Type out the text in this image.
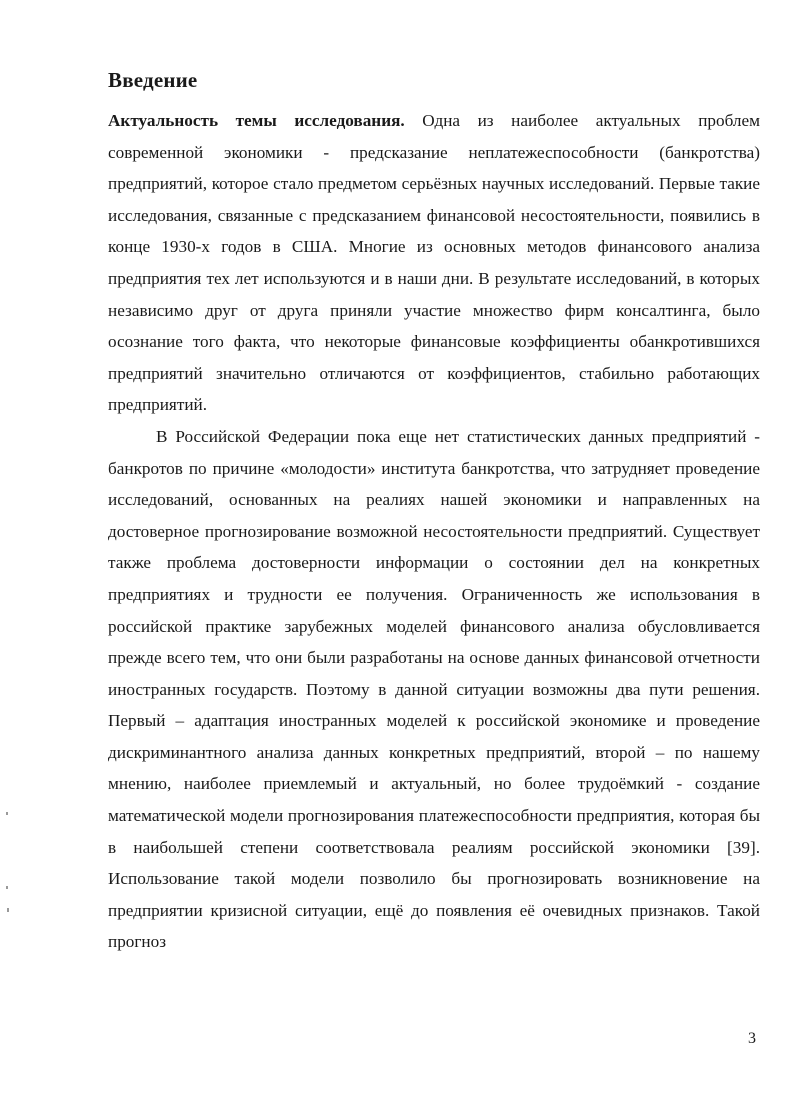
Введение

Актуальность темы исследования. Одна из наиболее актуальных проблем современной экономики - предсказание неплатежеспособности (банкротства) предприятий, которое стало предметом серьёзных научных исследований. Первые такие исследования, связанные с предсказанием финансовой несостоятельности, появились в конце 1930-х годов в США. Многие из основных методов финансового анализа предприятия тех лет используются и в наши дни. В результате исследований, в которых независимо друг от друга приняли участие множество фирм консалтинга, было осознание того факта, что некоторые финансовые коэффициенты обанкротившихся предприятий значительно отличаются от коэффициентов, стабильно работающих предприятий.

В Российской Федерации пока еще нет статистических данных предприятий - банкротов по причине «молодости» института банкротства, что затрудняет проведение исследований, основанных на реалиях нашей экономики и направленных на достоверное прогнозирование возможной несостоятельности предприятий. Существует также проблема достоверности информации о состоянии дел на конкретных предприятиях и трудности ее получения. Ограниченность же использования в российской практике зарубежных моделей финансового анализа обусловливается прежде всего тем, что они были разработаны на основе данных финансовой отчетности иностранных государств. Поэтому в данной ситуации возможны два пути решения. Первый – адаптация иностранных моделей к российской экономике и проведение дискриминантного анализа данных конкретных предприятий, второй – по нашему мнению, наиболее приемлемый и актуальный, но более трудоёмкий - создание математической модели прогнозирования платежеспособности предприятия, которая бы в наибольшей степени соответствовала реалиям российской экономики [39]. Использование такой модели позволило бы прогнозировать возникновение на предприятии кризисной ситуации, ещё до появления её очевидных признаков. Такой прогноз

3
